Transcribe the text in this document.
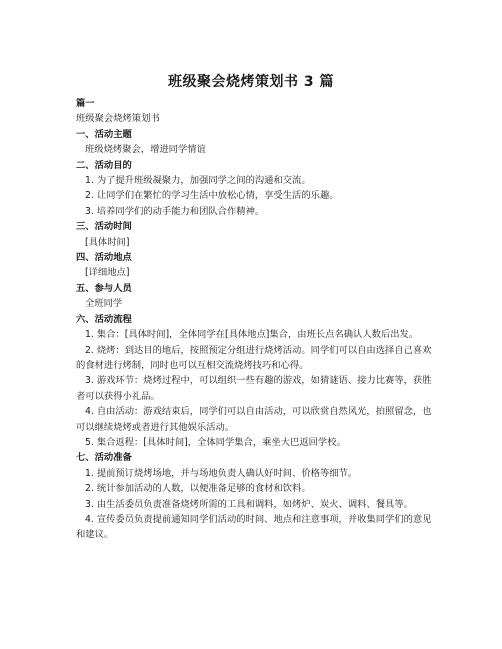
班级聚会烧烤策划书 3 篇
篇一
班级聚会烧烤策划书
一、活动主题
班级烧烤聚会，增进同学情谊
二、活动目的
1. 为了提升班级凝聚力，加强同学之间的沟通和交流。
2. 让同学们在繁忙的学习生活中放松心情，享受生活的乐趣。
3. 培养同学们的动手能力和团队合作精神。
三、活动时间
[具体时间]
四、活动地点
[详细地点]
五、参与人员
全班同学
六、活动流程
1. 集合：[具体时间]，全体同学在[具体地点]集合，由班长点名确认人数后出发。
2. 烧烤：到达目的地后，按照预定分组进行烧烤活动。同学们可以自由选择自己喜欢的食材进行烤制，同时也可以互相交流烧烤技巧和心得。
3. 游戏环节：烧烤过程中，可以组织一些有趣的游戏，如猜谜语、接力比赛等，获胜者可以获得小礼品。
4. 自由活动：游戏结束后，同学们可以自由活动，可以欣赏自然风光，拍照留念，也可以继续烧烤或者进行其他娱乐活动。
5. 集合返程：[具体时间]，全体同学集合，乘坐大巴返回学校。
七、活动准备
1. 提前预订烧烤场地，并与场地负责人确认好时间、价格等细节。
2. 统计参加活动的人数，以便准备足够的食材和饮料。
3. 由生活委员负责准备烧烤所需的工具和调料，如烤炉、炭火、调料、餐具等。
4. 宣传委员负责提前通知同学们活动的时间、地点和注意事项，并收集同学们的意见和建议。
